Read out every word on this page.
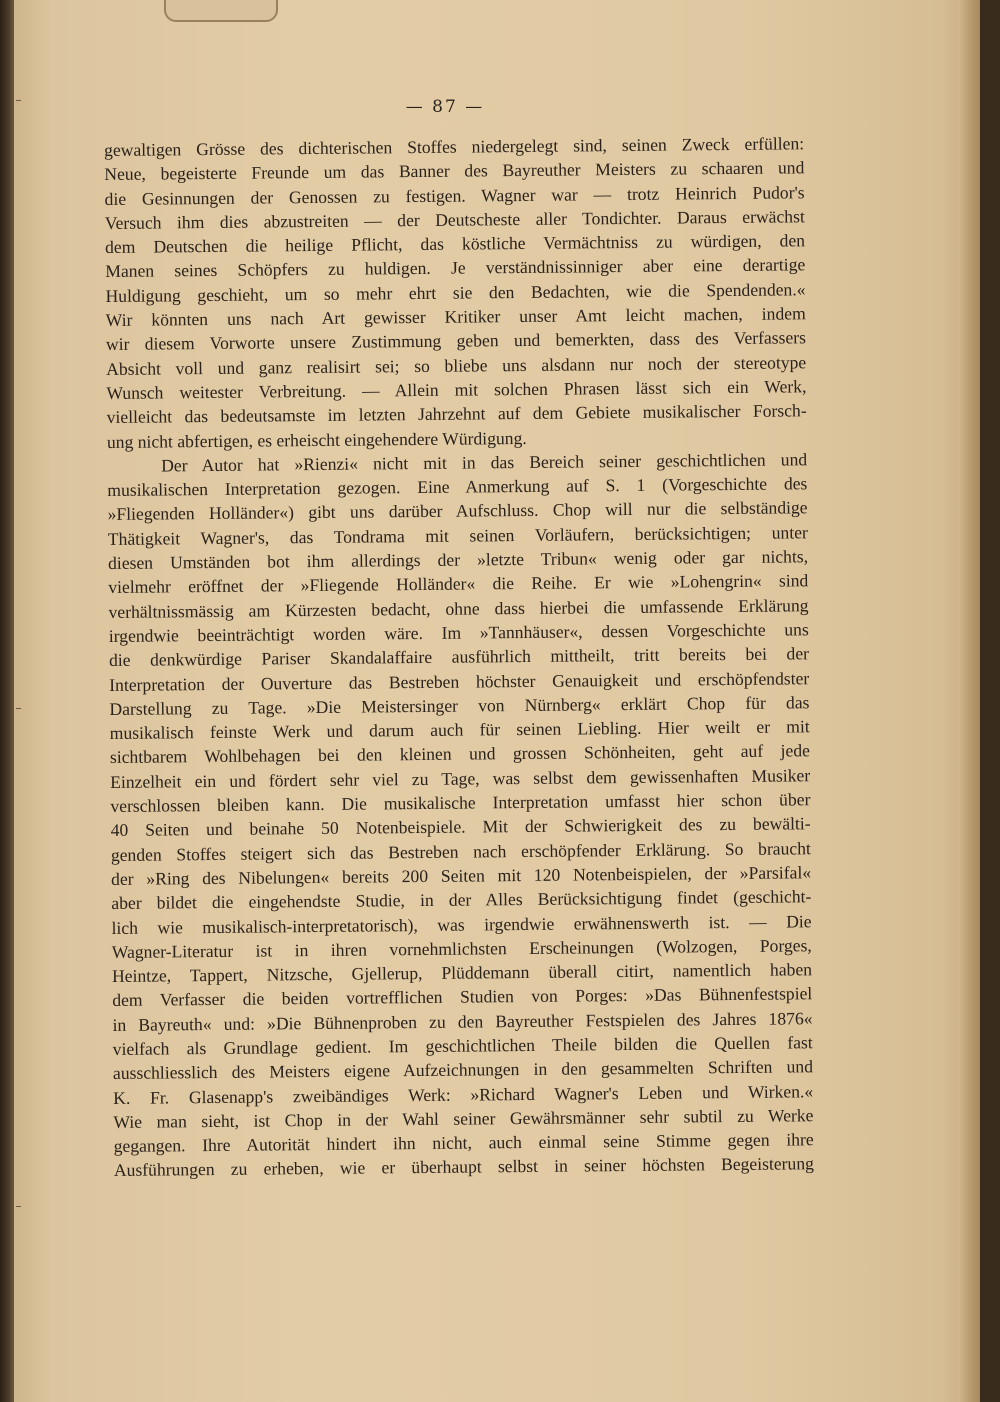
— 87 —
gewaltigen Grösse des dichterischen Stoffes niedergelegt sind, seinen Zweck erfüllen:
Neue, begeisterte Freunde um das Banner des Bayreuther Meisters zu schaaren und
die Gesinnungen der Genossen zu festigen. Wagner war — trotz Heinrich Pudor's
Versuch ihm dies abzustreiten — der Deutscheste aller Tondichter. Daraus erwächst
dem Deutschen die heilige Pflicht, das köstliche Vermächtniss zu würdigen, den
Manen seines Schöpfers zu huldigen. Je verständnissinniger aber eine derartige
Huldigung geschieht, um so mehr ehrt sie den Bedachten, wie die Spendenden.«
Wir könnten uns nach Art gewisser Kritiker unser Amt leicht machen, indem
wir diesem Vorworte unsere Zustimmung geben und bemerkten, dass des Verfassers
Absicht voll und ganz realisirt sei; so bliebe uns alsdann nur noch der stereotype
Wunsch weitester Verbreitung. — Allein mit solchen Phrasen lässt sich ein Werk,
vielleicht das bedeutsamste im letzten Jahrzehnt auf dem Gebiete musikalischer Forsch-
ung nicht abfertigen, es erheischt eingehendere Würdigung.
Der Autor hat »Rienzi« nicht mit in das Bereich seiner geschichtlichen und
musikalischen Interpretation gezogen. Eine Anmerkung auf S. 1 (Vorgeschichte des
»Fliegenden Holländer«) gibt uns darüber Aufschluss. Chop will nur die selbständige
Thätigkeit Wagner's, das Tondrama mit seinen Vorläufern, berücksichtigen; unter
diesen Umständen bot ihm allerdings der »letzte Tribun« wenig oder gar nichts,
vielmehr eröffnet der »Fliegende Holländer« die Reihe. Er wie »Lohengrin« sind
verhältnissmässig am Kürzesten bedacht, ohne dass hierbei die umfassende Erklärung
irgendwie beeinträchtigt worden wäre. Im »Tannhäuser«, dessen Vorgeschichte uns
die denkwürdige Pariser Skandalaffaire ausführlich mittheilt, tritt bereits bei der
Interpretation der Ouverture das Bestreben höchster Genauigkeit und erschöpfendster
Darstellung zu Tage. »Die Meistersinger von Nürnberg« erklärt Chop für das
musikalisch feinste Werk und darum auch für seinen Liebling. Hier weilt er mit
sichtbarem Wohlbehagen bei den kleinen und grossen Schönheiten, geht auf jede
Einzelheit ein und fördert sehr viel zu Tage, was selbst dem gewissenhaften Musiker
verschlossen bleiben kann. Die musikalische Interpretation umfasst hier schon über
40 Seiten und beinahe 50 Notenbeispiele. Mit der Schwierigkeit des zu bewälti-
genden Stoffes steigert sich das Bestreben nach erschöpfender Erklärung. So braucht
der »Ring des Nibelungen« bereits 200 Seiten mit 120 Notenbeispielen, der »Parsifal«
aber bildet die eingehendste Studie, in der Alles Berücksichtigung findet (geschicht-
lich wie musikalisch-interpretatorisch), was irgendwie erwähnenswerth ist. — Die
Wagner-Literatur ist in ihren vornehmlichsten Erscheinungen (Wolzogen, Porges,
Heintze, Tappert, Nitzsche, Gjellerup, Plüddemann überall citirt, namentlich haben
dem Verfasser die beiden vortrefflichen Studien von Porges: »Das Bühnenfestspiel
in Bayreuth« und: »Die Bühnenproben zu den Bayreuther Festspielen des Jahres 1876«
vielfach als Grundlage gedient. Im geschichtlichen Theile bilden die Quellen fast
ausschliesslich des Meisters eigene Aufzeichnungen in den gesammelten Schriften und
K. Fr. Glasenapp's zweibändiges Werk: »Richard Wagner's Leben und Wirken.«
Wie man sieht, ist Chop in der Wahl seiner Gewährsmänner sehr subtil zu Werke
gegangen. Ihre Autorität hindert ihn nicht, auch einmal seine Stimme gegen ihre
Ausführungen zu erheben, wie er überhaupt selbst in seiner höchsten Begeisterung
